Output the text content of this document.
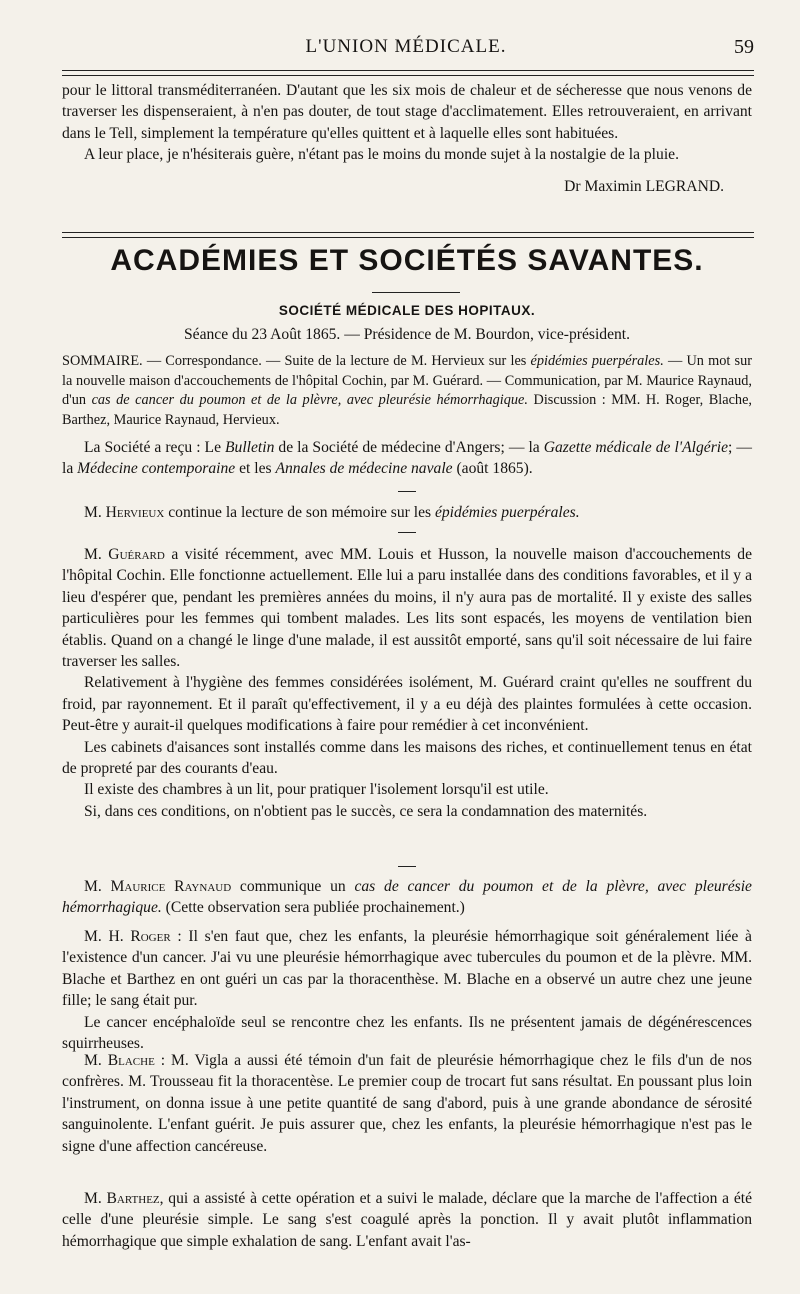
L'UNION MÉDICALE.	59

pour le littoral transméditerranéen. D'autant que les six mois de chaleur et de sécheresse que nous venons de traverser les dispenseraient, à n'en pas douter, de tout stage d'acclimatement. Elles retrouveraient, en arrivant dans le Tell, simplement la température qu'elles quittent et à laquelle elles sont habituées.

A leur place, je n'hésiterais guère, n'étant pas le moins du monde sujet à la nostalgie de la pluie.

Dr Maximin LEGRAND.

ACADÉMIES ET SOCIÉTÉS SAVANTES.
SOCIÉTÉ MÉDICALE DES HOPITAUX.
Séance du 23 Août 1865. — Présidence de M. Bourdon, vice-président.

SOMMAIRE. — Correspondance. — Suite de la lecture de M. Hervieux sur les épidémies puerpérales. — Un mot sur la nouvelle maison d'accouchements de l'hôpital Cochin, par M. Guérard. — Communication, par M. Maurice Raynaud, d'un cas de cancer du poumon et de la plèvre, avec pleurésie hémorrhagique. Discussion : MM. H. Roger, Blache, Barthez, Maurice Raynaud, Hervieux.

La Société a reçu : Le Bulletin de la Société de médecine d'Angers; — la Gazette médicale de l'Algérie; — la Médecine contemporaine et les Annales de médecine navale (août 1865).

M. Hervieux continue la lecture de son mémoire sur les épidémies puerpérales.

M. Guérard a visité récemment, avec MM. Louis et Husson, la nouvelle maison d'accouchements de l'hôpital Cochin. Elle fonctionne actuellement. Elle lui a paru installée dans des conditions favorables, et il y a lieu d'espérer que, pendant les premières années du moins, il n'y aura pas de mortalité. Il y existe des salles particulières pour les femmes qui tombent malades. Les lits sont espacés, les moyens de ventilation bien établis. Quand on a changé le linge d'une malade, il est aussitôt emporté, sans qu'il soit nécessaire de lui faire traverser les salles.

Relativement à l'hygiène des femmes considérées isolément, M. Guérard craint qu'elles ne souffrent du froid, par rayonnement. Et il paraît qu'effectivement, il y a eu déjà des plaintes formulées à cette occasion. Peut-être y aurait-il quelques modifications à faire pour remédier à cet inconvénient.

Les cabinets d'aisances sont installés comme dans les maisons des riches, et continuellement tenus en état de propreté par des courants d'eau.

Il existe des chambres à un lit, pour pratiquer l'isolement lorsqu'il est utile.

Si, dans ces conditions, on n'obtient pas le succès, ce sera la condamnation des maternités.

M. Maurice Raynaud communique un cas de cancer du poumon et de la plèvre, avec pleurésie hémorrhagique. (Cette observation sera publiée prochainement.)

M. H. Roger : Il s'en faut que, chez les enfants, la pleurésie hémorrhagique soit généralement liée à l'existence d'un cancer. J'ai vu une pleurésie hémorrhagique avec tubercules du poumon et de la plèvre. MM. Blache et Barthez en ont guéri un cas par la thoracenthèse. M. Blache en a observé un autre chez une jeune fille; le sang était pur.

Le cancer encéphaloïde seul se rencontre chez les enfants. Ils ne présentent jamais de dégénérescences squirrheuses.

M. Blache : M. Vigla a aussi été témoin d'un fait de pleurésie hémorrhagique chez le fils d'un de nos confrères. M. Trousseau fit la thoracentèse. Le premier coup de trocart fut sans résultat. En poussant plus loin l'instrument, on donna issue à une petite quantité de sang d'abord, puis à une grande abondance de sérosité sanguinolente. L'enfant guérit. Je puis assurer que, chez les enfants, la pleurésie hémorrhagique n'est pas le signe d'une affection cancéreuse.

M. Barthez, qui a assisté à cette opération et a suivi le malade, déclare que la marche de l'affection a été celle d'une pleurésie simple. Le sang s'est coagulé après la ponction. Il y avait plutôt inflammation hémorrhagique que simple exhalation de sang. L'enfant avait l'as-
